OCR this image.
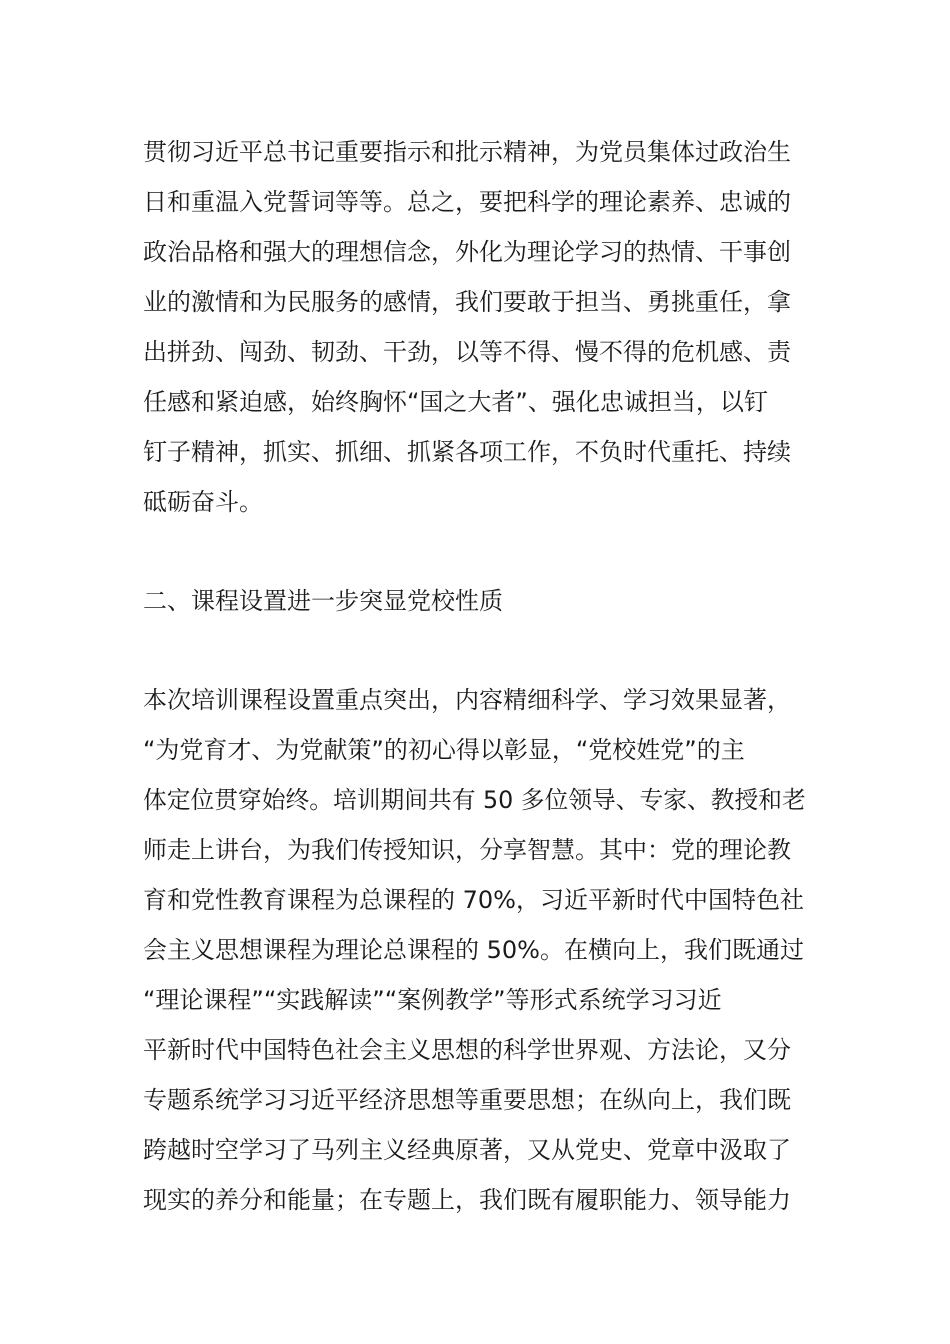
贯彻习近平总书记重要指示和批示精神，为党员集体过政治生
日和重温入党誓词等等。总之，要把科学的理论素养、忠诚的
政治品格和强大的理想信念，外化为理论学习的热情、干事创
业的激情和为民服务的感情，我们要敢于担当、勇挑重任，拿
出拼劲、闯劲、韧劲、干劲，以等不得、慢不得的危机感、责
任感和紧迫感，始终胸怀“国之大者”、强化忠诚担当，以钉
钉子精神，抓实、抓细、抓紧各项工作，不负时代重托、持续
砥砺奋斗。
二、课程设置进一步突显党校性质
本次培训课程设置重点突出，内容精细科学、学习效果显著，
“为党育才、为党献策”的初心得以彰显，“党校姓党”的主
体定位贯穿始终。培训期间共有 50 多位领导、专家、教授和老
师走上讲台，为我们传授知识，分享智慧。其中：党的理论教
育和党性教育课程为总课程的 70%，习近平新时代中国特色社
会主义思想课程为理论总课程的 50%。在横向上，我们既通过
“理论课程”“实践解读”“案例教学”等形式系统学习习近
平新时代中国特色社会主义思想的科学世界观、方法论，又分
专题系统学习习近平经济思想等重要思想；在纵向上，我们既
跨越时空学习了马列主义经典原著，又从党史、党章中汲取了
现实的养分和能量；在专题上，我们既有履职能力、领导能力
